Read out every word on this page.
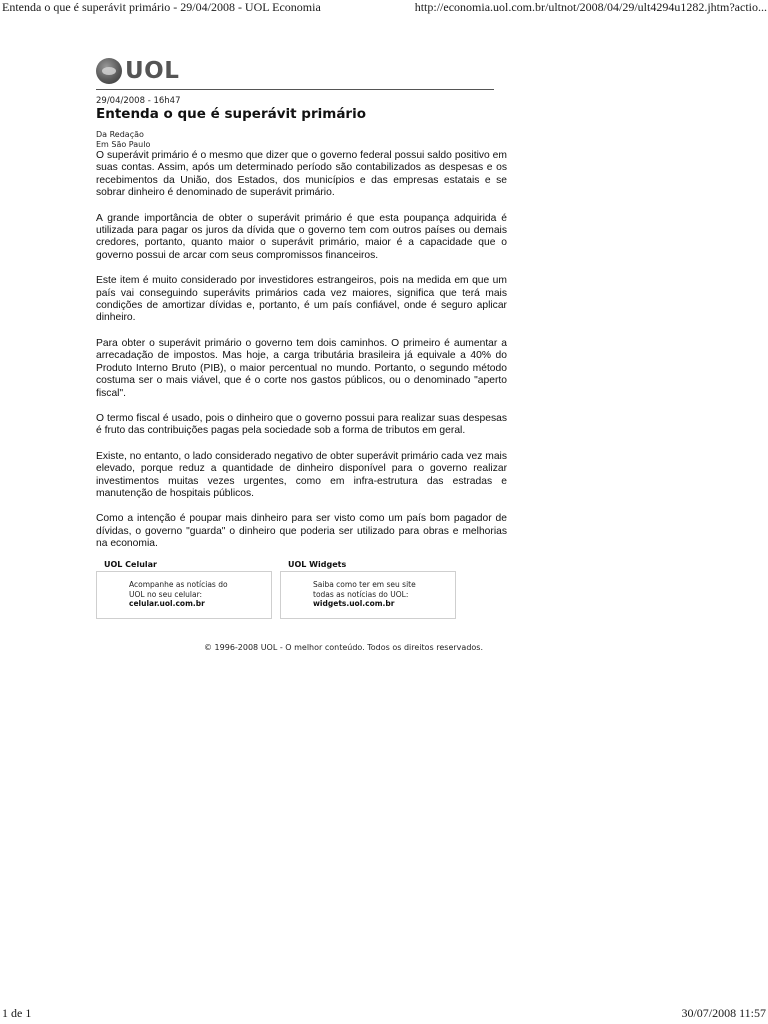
Entenda o que é superávit primário - 29/04/2008 - UOL Economia	http://economia.uol.com.br/ultnot/2008/04/29/ult4294u1282.jhtm?actio...
UOL
29/04/2008 - 16h47
Entenda o que é superávit primário
Da Redação
Em São Paulo

O superávit primário é o mesmo que dizer que o governo federal possui saldo positivo em suas contas. Assim, após um determinado período são contabilizados as despesas e os recebimentos da União, dos Estados, dos municípios e das empresas estatais e se sobrar dinheiro é denominado de superávit primário.

A grande importância de obter o superávit primário é que esta poupança adquirida é utilizada para pagar os juros da dívida que o governo tem com outros países ou demais credores, portanto, quanto maior o superávit primário, maior é a capacidade que o governo possui de arcar com seus compromissos financeiros.

Este item é muito considerado por investidores estrangeiros, pois na medida em que um país vai conseguindo superávits primários cada vez maiores, significa que terá mais condições de amortizar dívidas e, portanto, é um país confiável, onde é seguro aplicar dinheiro.

Para obter o superávit primário o governo tem dois caminhos. O primeiro é aumentar a arrecadação de impostos. Mas hoje, a carga tributária brasileira já equivale a 40% do Produto Interno Bruto (PIB), o maior percentual no mundo. Portanto, o segundo método costuma ser o mais viável, que é o corte nos gastos públicos, ou o denominado "aperto fiscal".

O termo fiscal é usado, pois o dinheiro que o governo possui para realizar suas despesas é fruto das contribuições pagas pela sociedade sob a forma de tributos em geral.

Existe, no entanto, o lado considerado negativo de obter superávit primário cada vez mais elevado, porque reduz a quantidade de dinheiro disponível para o governo realizar investimentos muitas vezes urgentes, como em infra-estrutura das estradas e manutenção de hospitais públicos.

Como a intenção é poupar mais dinheiro para ser visto como um país bom pagador de dívidas, o governo "guarda" o dinheiro que poderia ser utilizado para obras e melhorias na economia.

UOL Celular
Acompanhe as notícias do
UOL no seu celular:
celular.uol.com.br
UOL Widgets
Saiba como ter em seu site
todas as notícias do UOL:
widgets.uol.com.br
© 1996-2008 UOL - O melhor conteúdo. Todos os direitos reservados.
1 de 1	30/07/2008 11:57
